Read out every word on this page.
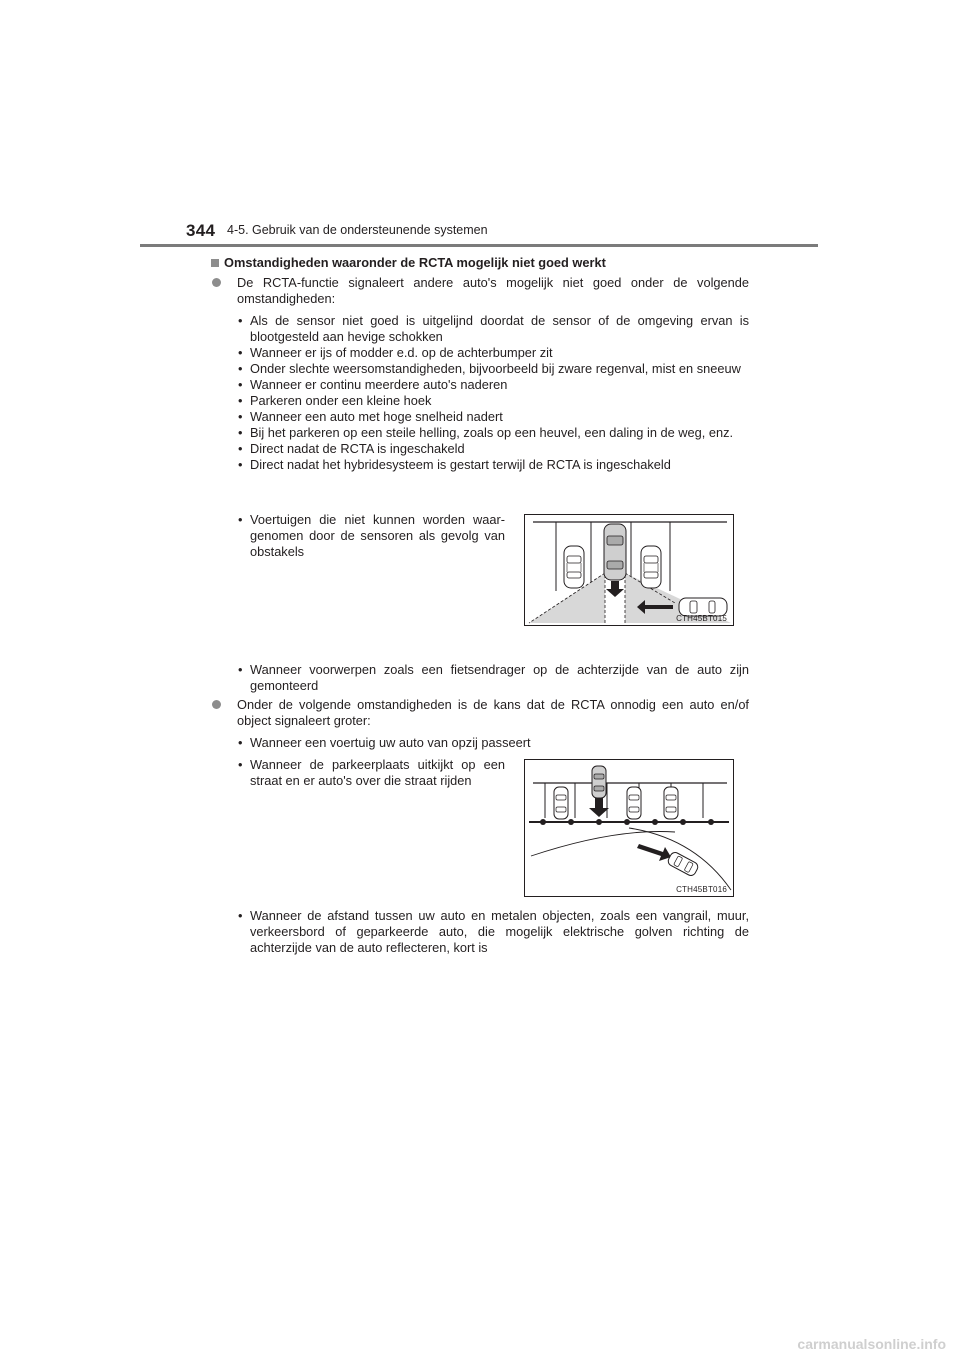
344 4-5. Gebruik van de ondersteunende systemen
Omstandigheden waaronder de RCTA mogelijk niet goed werkt
De RCTA-functie signaleert andere auto's mogelijk niet goed onder de volgende omstandigheden:
• Als de sensor niet goed is uitgelijnd doordat de sensor of de omgeving ervan is blootgesteld aan hevige schokken
• Wanneer er ijs of modder e.d. op de achterbumper zit
• Onder slechte weersomstandigheden, bijvoorbeeld bij zware regenval, mist en sneeuw
• Wanneer er continu meerdere auto's naderen
• Parkeren onder een kleine hoek
• Wanneer een auto met hoge snelheid nadert
• Bij het parkeren op een steile helling, zoals op een heuvel, een daling in de weg, enz.
• Direct nadat de RCTA is ingeschakeld
• Direct nadat het hybridesysteem is gestart terwijl de RCTA is ingeschakeld
• Voertuigen die niet kunnen worden waar-genomen door de sensoren als gevolg van obstakels
CTH45BT015
• Wanneer voorwerpen zoals een fietsendrager op de achterzijde van de auto zijn gemonteerd
Onder de volgende omstandigheden is de kans dat de RCTA onnodig een auto en/of object signaleert groter:
• Wanneer een voertuig uw auto van opzij passeert
• Wanneer de parkeerplaats uitkijkt op een straat en er auto's over die straat rijden
CTH45BT016
• Wanneer de afstand tussen uw auto en metalen objecten, zoals een vangrail, muur, verkeersbord of geparkeerde auto, die mogelijk elektrische golven richting de achterzijde van de auto reflecteren, kort is
carmanualsonline.info
